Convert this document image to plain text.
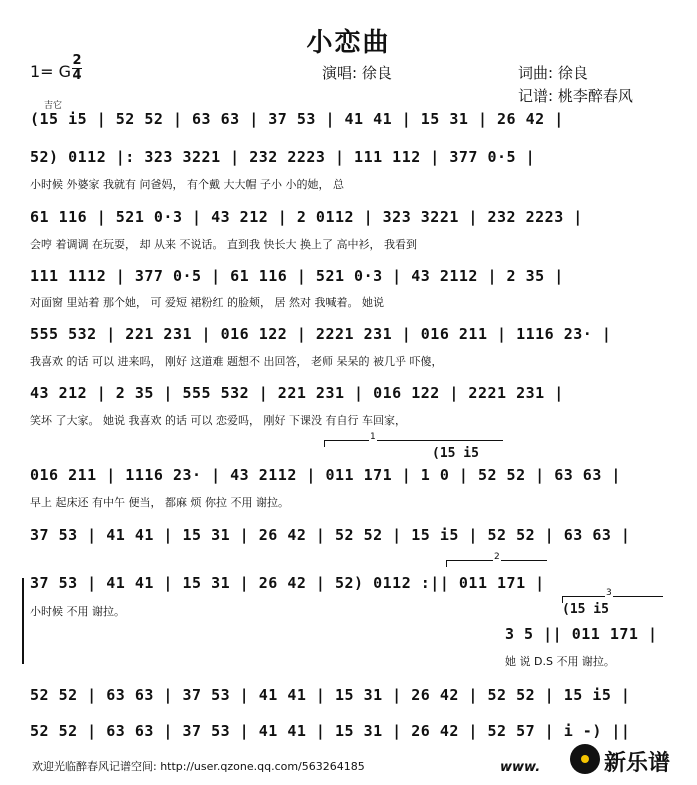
小恋曲
1= G
2
4	演唱: 徐良	词曲: 徐良
记谱: 桃李醉春风
吉它
(15 i5 | 52 52 | 63 63 | 37 53 | 41 41 | 15 31 | 26 42 |
52) 0112 |: 323 3221 | 232 2223 | 111 112 | 377 0·5 |
小时候 外婆家 我就有 问爸妈， 有个戴 大大帽 子小 小的她， 总
61 116 | 521 0·3 | 43 212 | 2 0112 | 323 3221 | 232 2223 |
会哼 着调调 在玩耍， 却 从来 不说话。 直到我 快长大 换上了 高中衫， 我看到
111 1112 | 377 0·5 | 61 116 | 521 0·3 | 43 2112 | 2 35 |
对面窗 里站着 那个她， 可 爱短 裙粉红 的脸颊， 居 然对 我喊着。 她说
555 532 | 221 231 | 016 122 | 2221 231 | 016 211 | 1116 23· |
我喜欢 的话 可以 进来吗， 刚好 这道难 题想不 出回答， 老师 呆呆的 被几乎 吓傻，
43 212 | 2 35 | 555 532 | 221 231 | 016 122 | 2221 231 |
笑坏 了大家。 她说 我喜欢 的话 可以 恋爱吗， 刚好 下课没 有自行 车回家，
1
(15 i5
016 211 | 1116 23· | 43 2112 | 011 171 | 1 0 | 52 52 | 63 63 |
早上 起床还 有中午 便当， 都麻 烦 你拉 不用 谢拉。
37 53 | 41 41 | 15 31 | 26 42 | 52 52 | 15 i5 | 52 52 | 63 63 |
2
37 53 | 41 41 | 15 31 | 26 42 | 52) 0112 :|| 011 171 |
小时候 不用 谢拉。
3
(15 i5
3 5 || 011 171 |
她 说 D.S 不用 谢拉。
52 52 | 63 63 | 37 53 | 41 41 | 15 31 | 26 42 | 52 52 | 15 i5 |
52 52 | 63 63 | 37 53 | 41 41 | 15 31 | 26 42 | 52 57 | i -) ||
欢迎光临醉春风记谱空间: http://user.qzone.qq.com/563264185	www.	新乐谱
